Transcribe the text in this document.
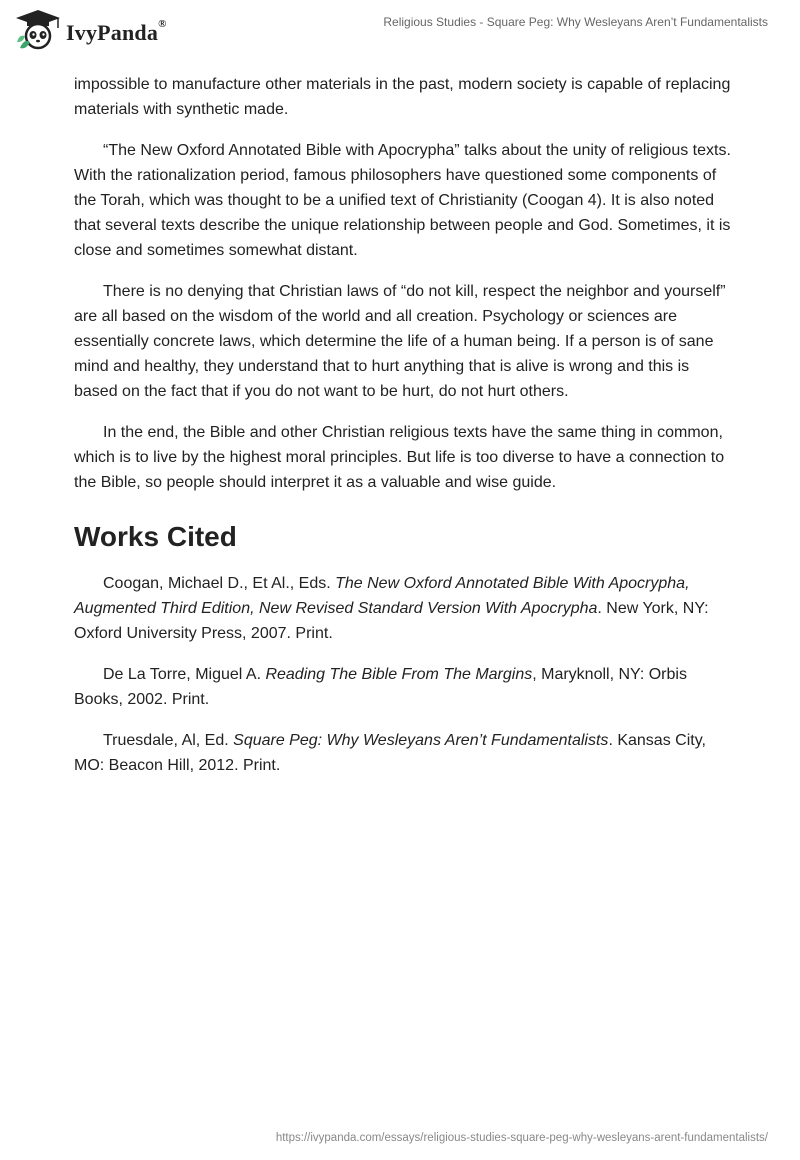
IvyPanda®	Religious Studies - Square Peg: Why Wesleyans Aren’t Fundamentalists

impossible to manufacture other materials in the past, modern society is capable of replacing materials with synthetic made.

“The New Oxford Annotated Bible with Apocrypha” talks about the unity of religious texts. With the rationalization period, famous philosophers have questioned some components of the Torah, which was thought to be a unified text of Christianity (Coogan 4). It is also noted that several texts describe the unique relationship between people and God. Sometimes, it is close and sometimes somewhat distant.

There is no denying that Christian laws of “do not kill, respect the neighbor and yourself” are all based on the wisdom of the world and all creation. Psychology or sciences are essentially concrete laws, which determine the life of a human being. If a person is of sane mind and healthy, they understand that to hurt anything that is alive is wrong and this is based on the fact that if you do not want to be hurt, do not hurt others.

In the end, the Bible and other Christian religious texts have the same thing in common, which is to live by the highest moral principles. But life is too diverse to have a connection to the Bible, so people should interpret it as a valuable and wise guide.

Works Cited

Coogan, Michael D., Et Al., Eds. The New Oxford Annotated Bible With Apocrypha, Augmented Third Edition, New Revised Standard Version With Apocrypha. New York, NY: Oxford University Press, 2007. Print.

De La Torre, Miguel A. Reading The Bible From The Margins, Maryknoll, NY: Orbis Books, 2002. Print.

Truesdale, Al, Ed. Square Peg: Why Wesleyans Aren’t Fundamentalists. Kansas City, MO: Beacon Hill, 2012. Print.

https://ivypanda.com/essays/religious-studies-square-peg-why-wesleyans-arent-fundamentalists/
